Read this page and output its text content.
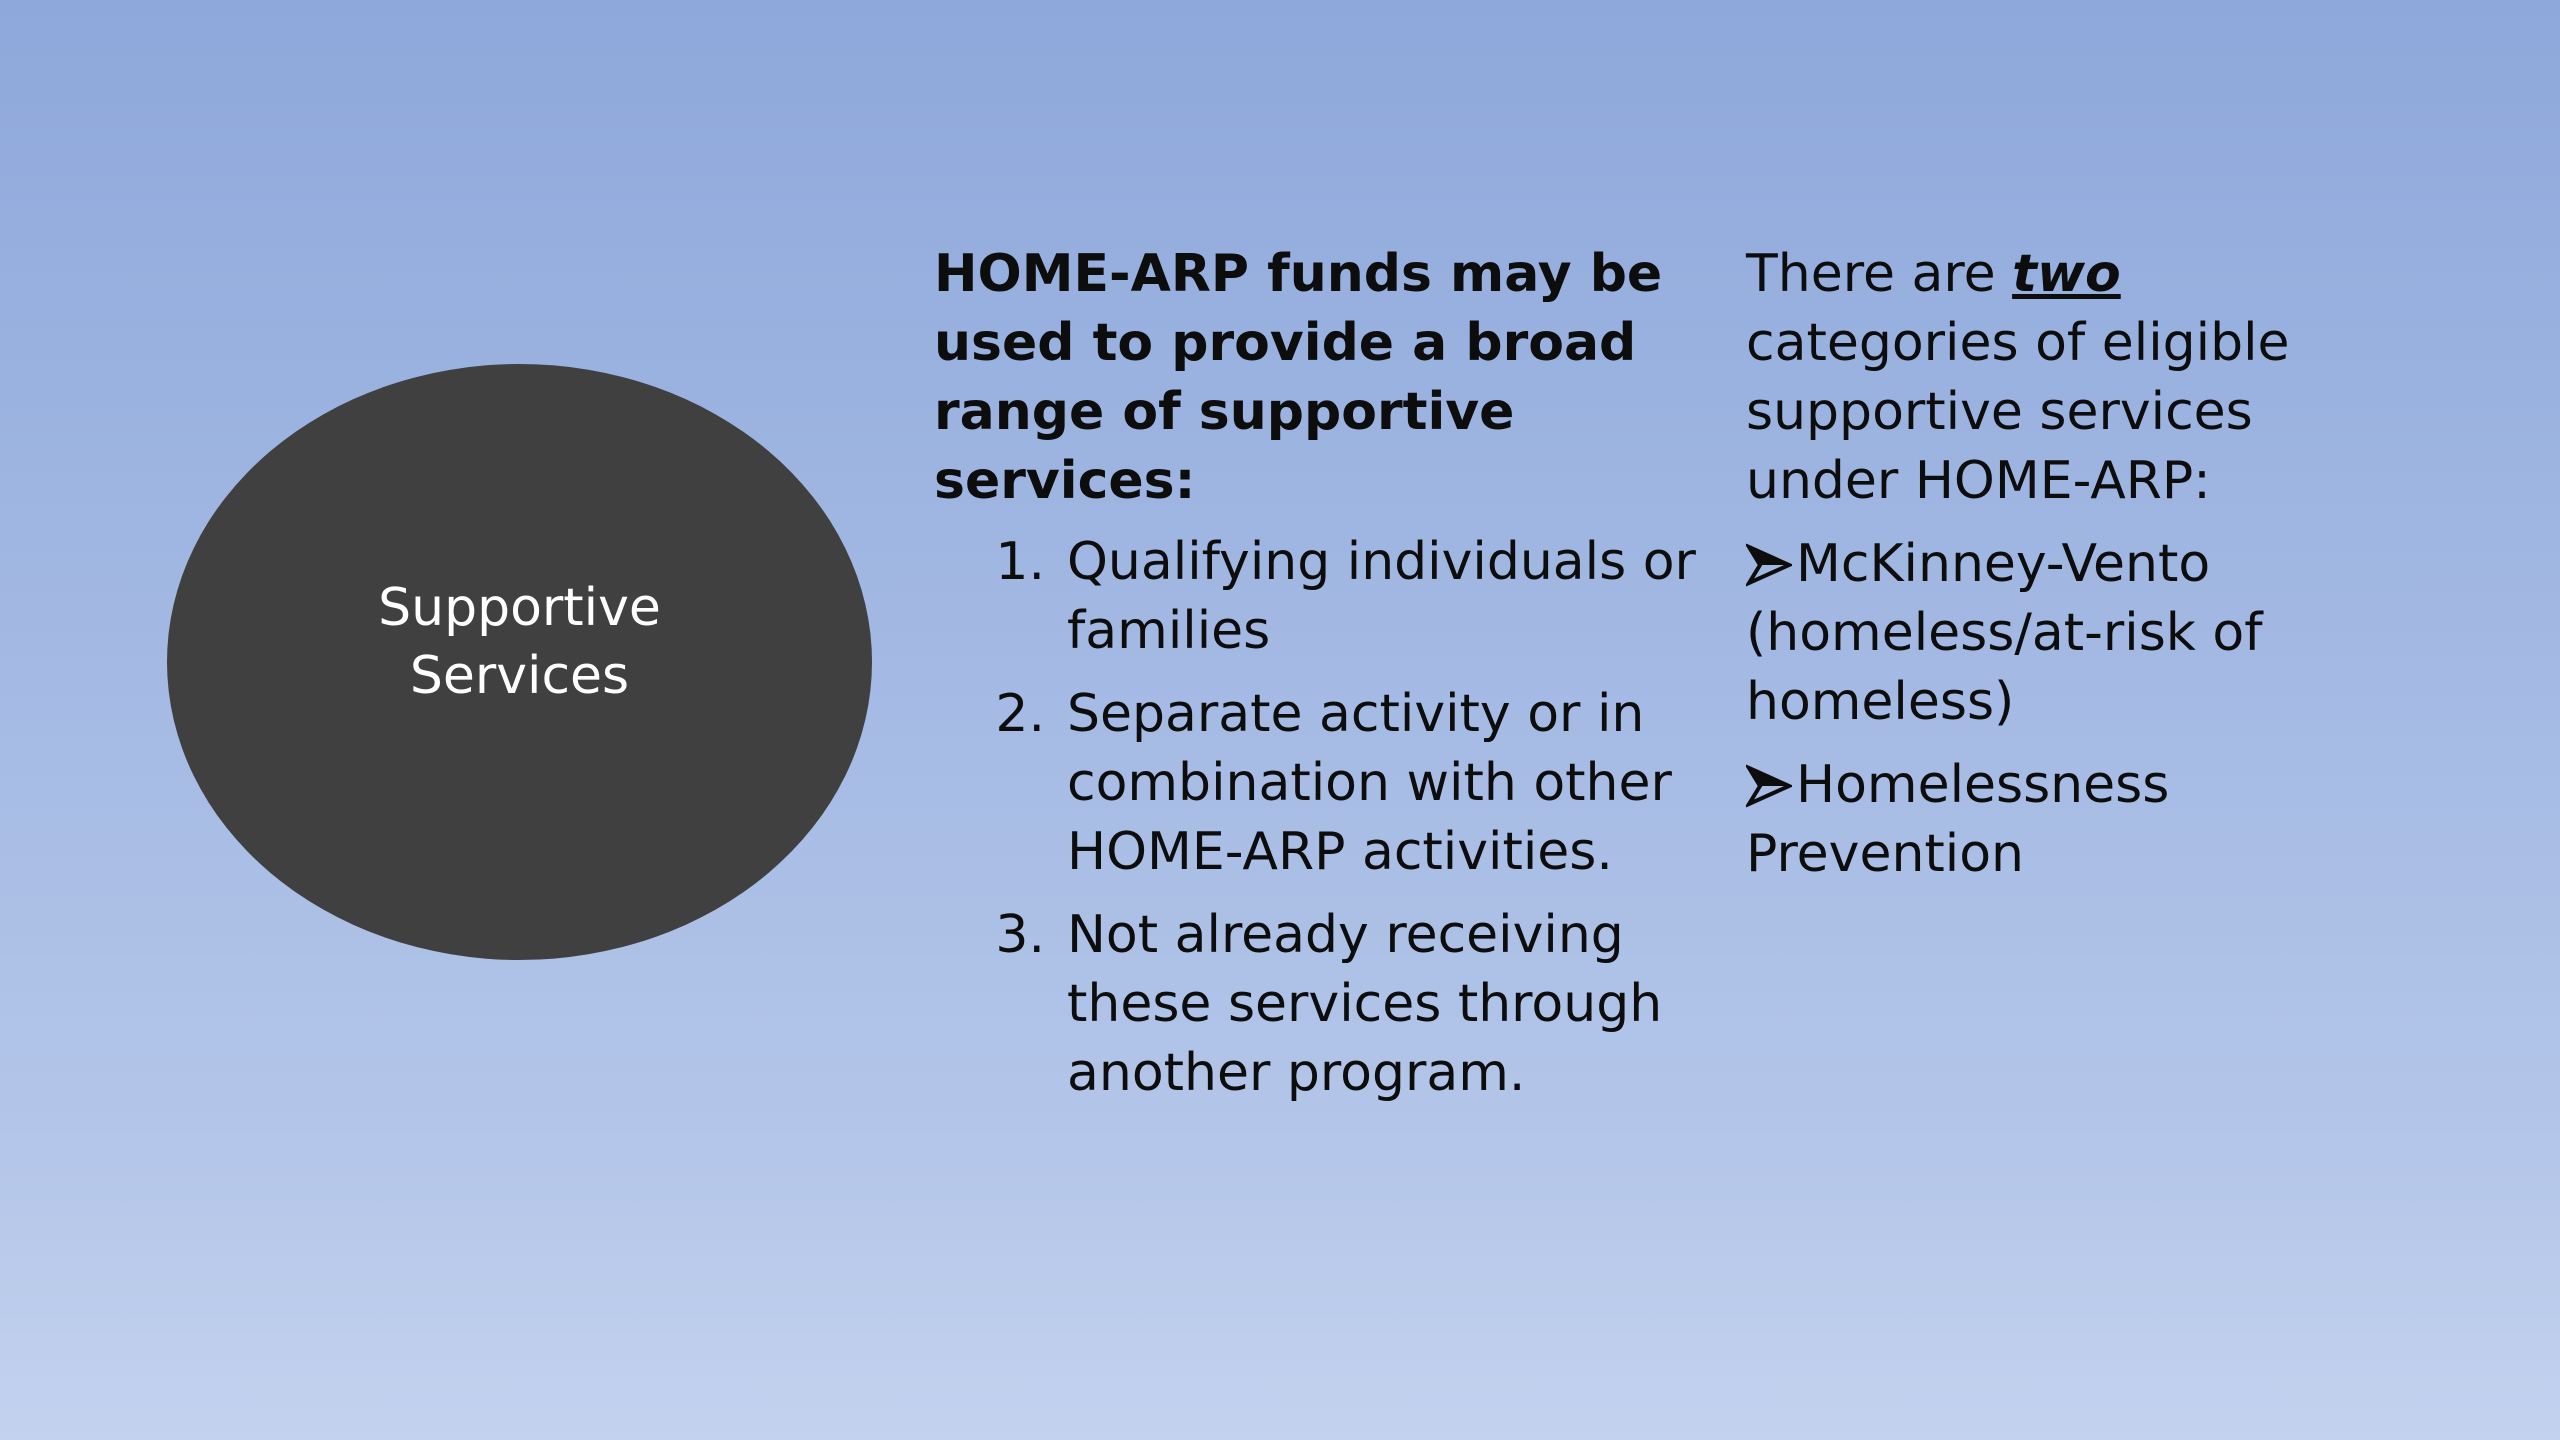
Supportive Services

HOME-ARP funds may be used to provide a broad range of supportive services:

1. Qualifying individuals or families
2. Separate activity or in combination with other HOME-ARP activities.
3. Not already receiving these services through another program.

There are two categories of eligible supportive services under HOME-ARP:

McKinney-Vento (homeless/at-risk of homeless)
Homelessness Prevention
